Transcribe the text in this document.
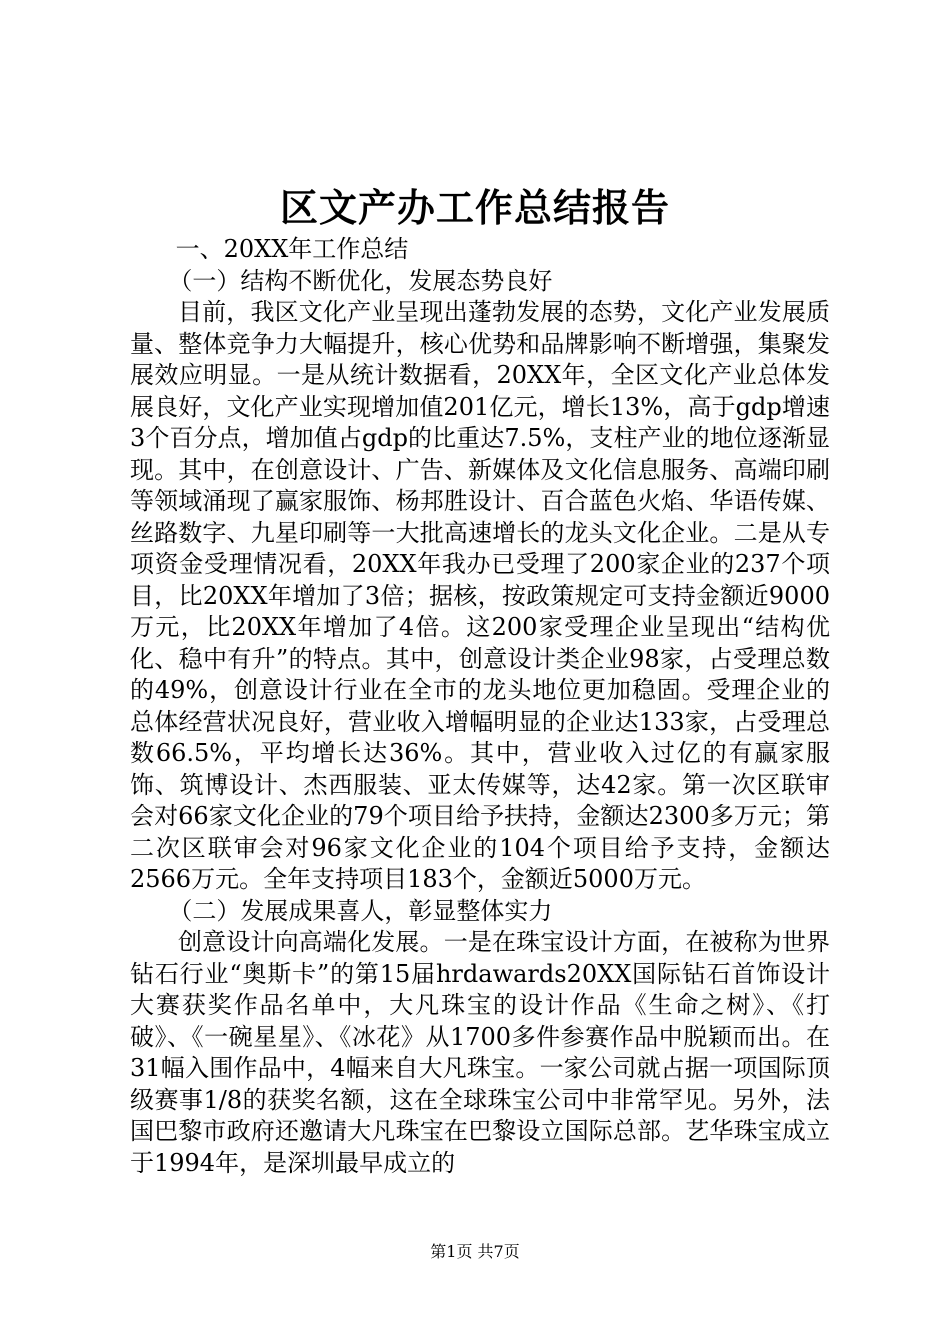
区文产办工作总结报告

一、20XX年工作总结

（一）结构不断优化，发展态势良好

目前，我区文化产业呈现出蓬勃发展的态势，文化产业发展质量、整体竞争力大幅提升，核心优势和品牌影响不断增强，集聚发展效应明显。一是从统计数据看，20XX年，全区文化产业总体发展良好，文化产业实现增加值201亿元，增长13%，高于gdp增速3个百分点，增加值占gdp的比重达7.5%，支柱产业的地位逐渐显现。其中，在创意设计、广告、新媒体及文化信息服务、高端印刷等领域涌现了赢家服饰、杨邦胜设计、百合蓝色火焰、华语传媒、丝路数字、九星印刷等一大批高速增长的龙头文化企业。二是从专项资金受理情况看，20XX年我办已受理了200家企业的237个项目，比20XX年增加了3倍；据核，按政策规定可支持金额近9000万元，比20XX年增加了4倍。这200家受理企业呈现出“结构优化、稳中有升”的特点。其中，创意设计类企业98家，占受理总数的49%，创意设计行业在全市的龙头地位更加稳固。受理企业的总体经营状况良好，营业收入增幅明显的企业达133家，占受理总数66.5%，平均增长达36%。其中，营业收入过亿的有赢家服饰、筑博设计、杰西服装、亚太传媒等，达42家。第一次区联审会对66家文化企业的79个项目给予扶持，金额达2300多万元；第二次区联审会对96家文化企业的104个项目给予支持，金额达2566万元。全年支持项目183个，金额近5000万元。

（二）发展成果喜人，彰显整体实力

创意设计向高端化发展。一是在珠宝设计方面，在被称为世界钻石行业“奥斯卡”的第15届hrdawards20XX国际钻石首饰设计大赛获奖作品名单中，大凡珠宝的设计作品《生命之树》、《打破》、《一碗星星》、《冰花》从1700多件参赛作品中脱颖而出。在31幅入围作品中，4幅来自大凡珠宝。一家公司就占据一项国际顶级赛事1/8的获奖名额，这在全球珠宝公司中非常罕见。另外，法国巴黎市政府还邀请大凡珠宝在巴黎设立国际总部。艺华珠宝成立于1994年，是深圳最早成立的

第1页 共7页
